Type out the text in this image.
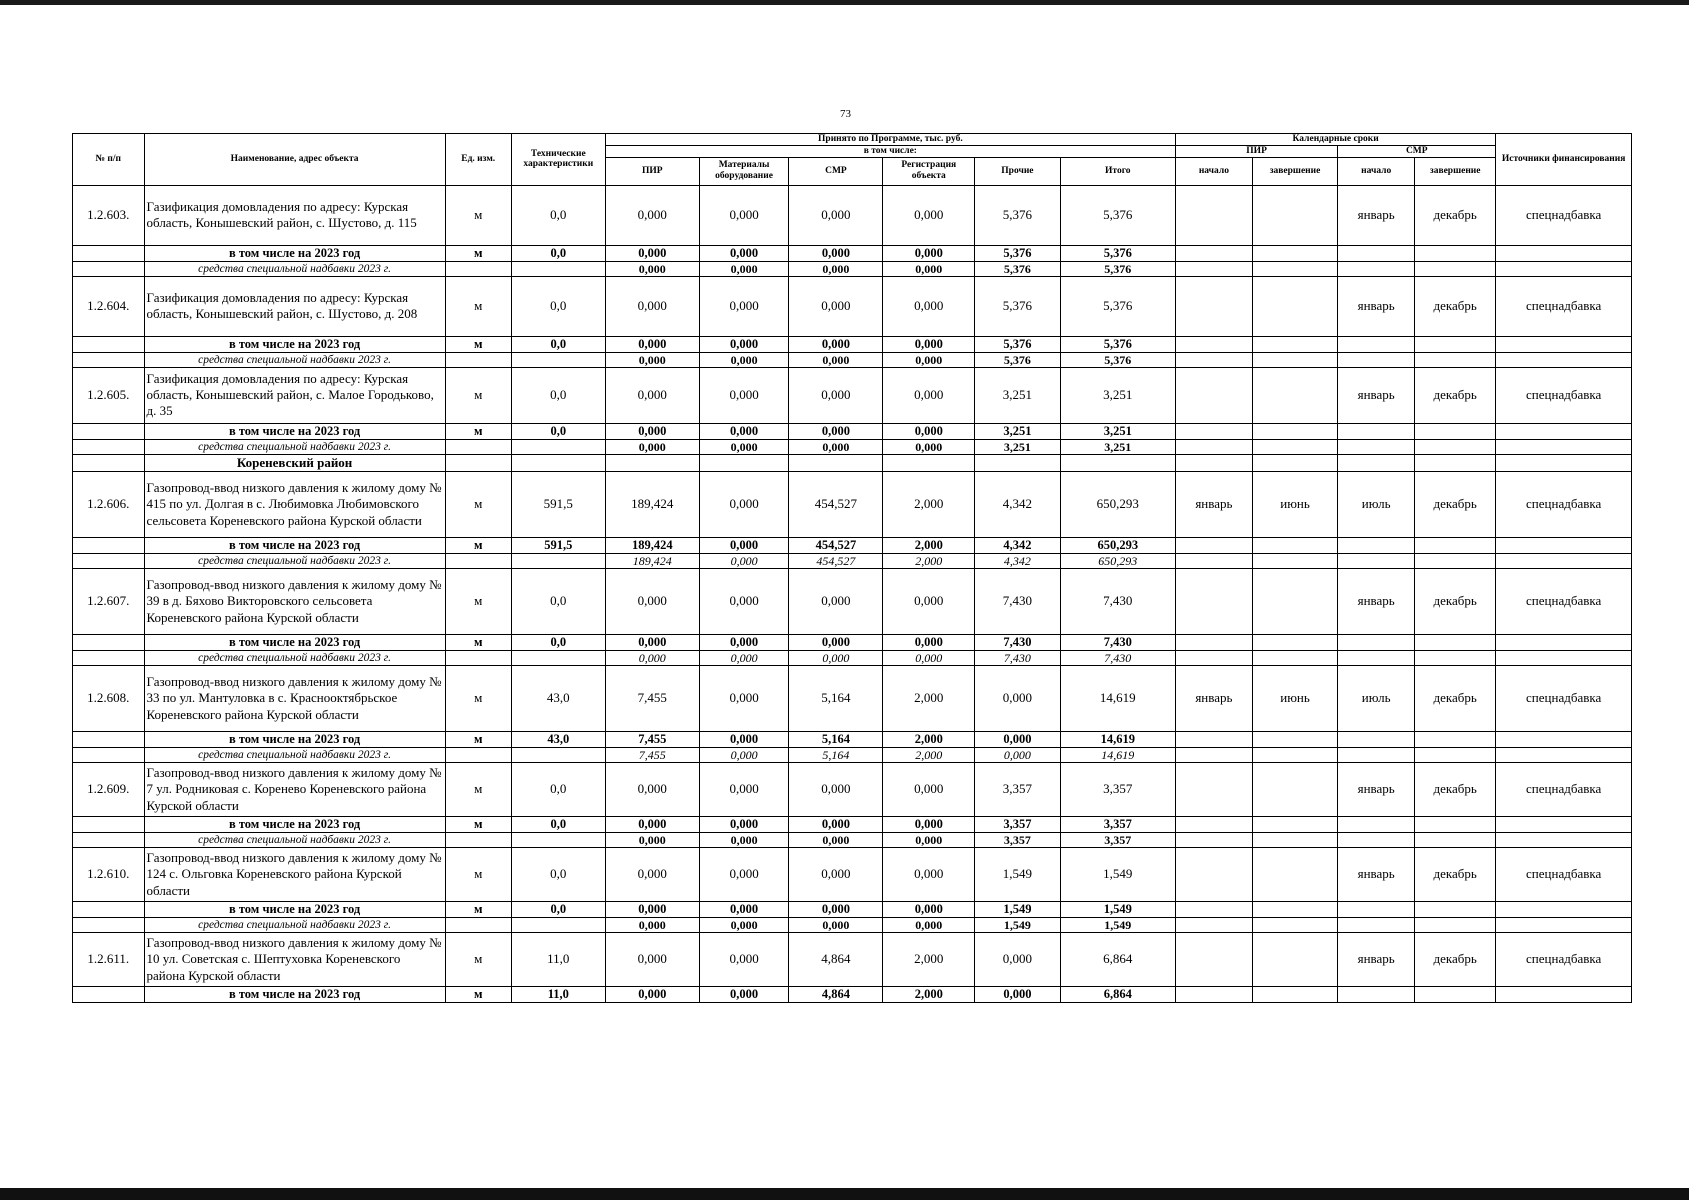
73
№ п/п	Наименование, адрес объекта	Ед. изм.	Технические характеристики	Принято по Программе, тыс. руб.						Календарные сроки				Источники финансирования
				в том числе:						ПИР		СМР		
				ПИР	Материалы оборудование	СМР	Регистрация объекта	Прочие	Итого	начало	завершение	начало	завершение	

1.2.603.	Газификация домовладения по адресу: Курская область, Конышевский район, с. Шустово, д. 115	м	0,0	0,000	0,000	0,000	0,000	5,376	5,376			январь	декабрь	спецнадбавка
	в том числе на 2023 год	м	0,0	0,000	0,000	0,000	0,000	5,376	5,376					
	средства специальной надбавки 2023 г.			0,000	0,000	0,000	0,000	5,376	5,376					
1.2.604.	Газификация домовладения по адресу: Курская область, Конышевский район, с. Шустово, д. 208	м	0,0	0,000	0,000	0,000	0,000	5,376	5,376			январь	декабрь	спецнадбавка
	в том числе на 2023 год	м	0,0	0,000	0,000	0,000	0,000	5,376	5,376					
	средства специальной надбавки 2023 г.			0,000	0,000	0,000	0,000	5,376	5,376					
1.2.605.	Газификация домовладения по адресу: Курская область, Конышевский район, с. Малое Городьково, д. 35	м	0,0	0,000	0,000	0,000	0,000	3,251	3,251			январь	декабрь	спецнадбавка
	в том числе на 2023 год	м	0,0	0,000	0,000	0,000	0,000	3,251	3,251					
	средства специальной надбавки 2023 г.			0,000	0,000	0,000	0,000	3,251	3,251					
	Кореневский район													
1.2.606.	Газопровод-ввод низкого давления к жилому дому № 415 по ул. Долгая в с. Любимовка Любимовского сельсовета Кореневского района Курской области	м	591,5	189,424	0,000	454,527	2,000	4,342	650,293	январь	июнь	июль	декабрь	спецнадбавка
	в том числе на 2023 год	м	591,5	189,424	0,000	454,527	2,000	4,342	650,293					
	средства специальной надбавки 2023 г.			189,424	0,000	454,527	2,000	4,342	650,293					
1.2.607.	Газопровод-ввод низкого давления к жилому дому № 39 в д. Бяхово Викторовского сельсовета Кореневского района Курской области	м	0,0	0,000	0,000	0,000	0,000	7,430	7,430			январь	декабрь	спецнадбавка
	в том числе на 2023 год	м	0,0	0,000	0,000	0,000	0,000	7,430	7,430					
	средства специальной надбавки 2023 г.			0,000	0,000	0,000	0,000	7,430	7,430					
1.2.608.	Газопровод-ввод низкого давления к жилому дому № 33 по ул. Мантуловка в с. Краснооктябрьское Кореневского района Курской области	м	43,0	7,455	0,000	5,164	2,000	0,000	14,619	январь	июнь	июль	декабрь	спецнадбавка
	в том числе на 2023 год	м	43,0	7,455	0,000	5,164	2,000	0,000	14,619					
	средства специальной надбавки 2023 г.			7,455	0,000	5,164	2,000	0,000	14,619					
1.2.609.	Газопровод-ввод низкого давления к жилому дому № 7 ул. Родниковая с. Коренево Кореневского района Курской области	м	0,0	0,000	0,000	0,000	0,000	3,357	3,357			январь	декабрь	спецнадбавка
	в том числе на 2023 год	м	0,0	0,000	0,000	0,000	0,000	3,357	3,357					
	средства специальной надбавки 2023 г.			0,000	0,000	0,000	0,000	3,357	3,357					
1.2.610.	Газопровод-ввод низкого давления к жилому дому № 124 с. Ольговка Кореневского района Курской области	м	0,0	0,000	0,000	0,000	0,000	1,549	1,549			январь	декабрь	спецнадбавка
	в том числе на 2023 год	м	0,0	0,000	0,000	0,000	0,000	1,549	1,549					
	средства специальной надбавки 2023 г.			0,000	0,000	0,000	0,000	1,549	1,549					
1.2.611.	Газопровод-ввод низкого давления к жилому дому № 10 ул. Советская с. Шептуховка Кореневского района Курской области	м	11,0	0,000	0,000	4,864	2,000	0,000	6,864			январь	декабрь	спецнадбавка
	в том числе на 2023 год	м	11,0	0,000	0,000	4,864	2,000	0,000	6,864					
